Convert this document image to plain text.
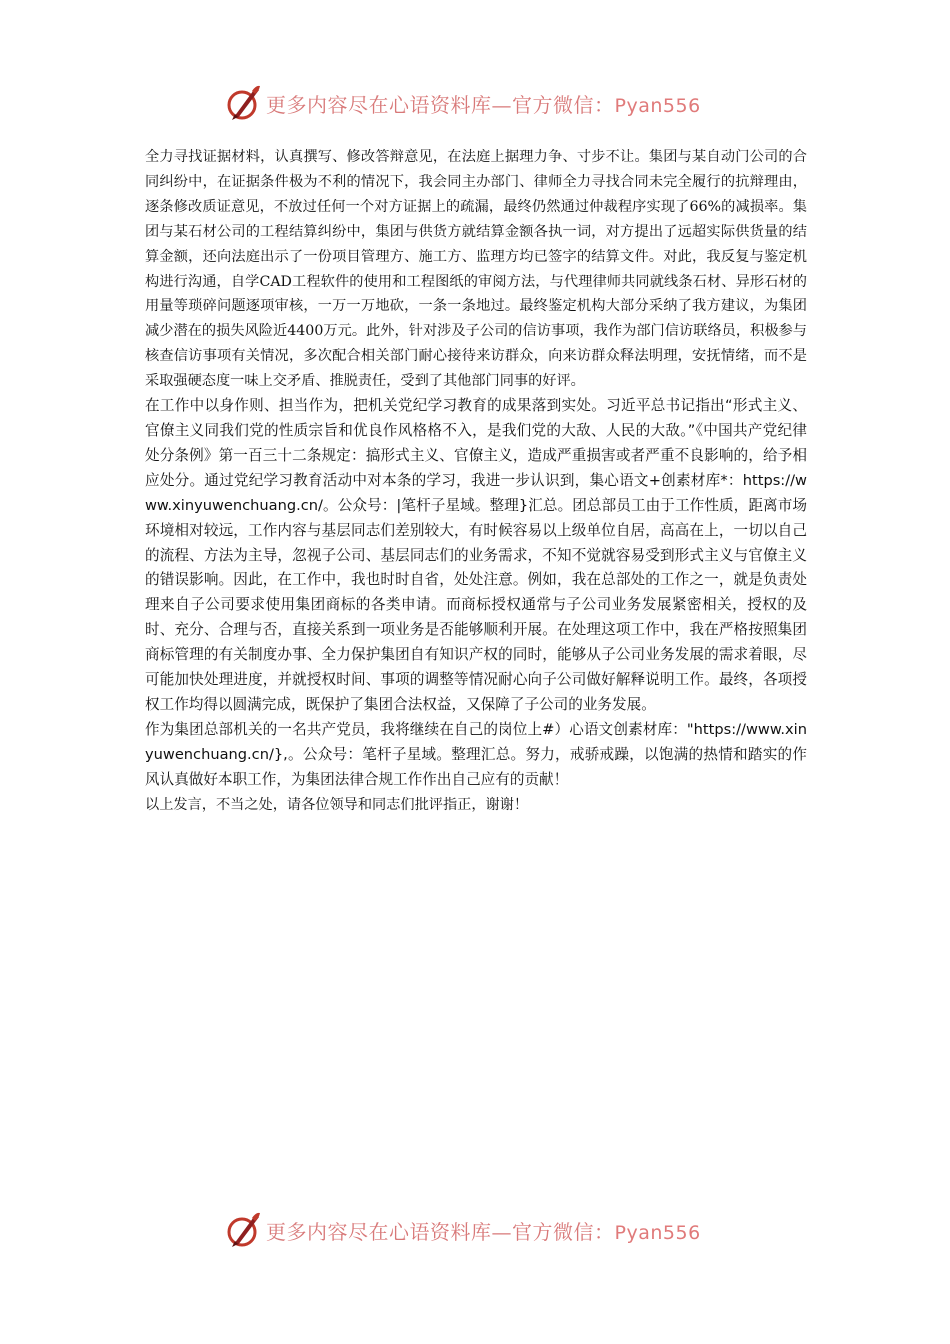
更多内容尽在心语资料库—官方微信：Pyan556

全力寻找证据材料，认真撰写、修改答辩意见，在法庭上据理力争、寸步不让。集团与某自动门公司的合同纠纷中，在证据条件极为不利的情况下，我会同主办部门、律师全力寻找合同未完全履行的抗辩理由，逐条修改质证意见，不放过任何一个对方证据上的疏漏，最终仍然通过仲裁程序实现了66%的减损率。集团与某石材公司的工程结算纠纷中，集团与供货方就结算金额各执一词，对方提出了远超实际供货量的结算金额，还向法庭出示了一份项目管理方、施工方、监理方均已签字的结算文件。对此，我反复与鉴定机构进行沟通，自学CAD工程软件的使用和工程图纸的审阅方法，与代理律师共同就线条石材、异形石材的用量等琐碎问题逐项审核，一万一万地砍，一条一条地过。最终鉴定机构大部分采纳了我方建议，为集团减少潜在的损失风险近4400万元。此外，针对涉及子公司的信访事项，我作为部门信访联络员，积极参与核查信访事项有关情况，多次配合相关部门耐心接待来访群众，向来访群众释法明理，安抚情绪，而不是采取强硬态度一味上交矛盾、推脱责任，受到了其他部门同事的好评。

在工作中以身作则、担当作为，把机关党纪学习教育的成果落到实处。习近平总书记指出“形式主义、官僚主义同我们党的性质宗旨和优良作风格格不入，是我们党的大敌、人民的大敌。”《中国共产党纪律处分条例》第一百三十二条规定：搞形式主义、官僚主义，造成严重损害或者严重不良影响的，给予相应处分。通过党纪学习教育活动中对本条的学习，我进一步认识到，集心语文+创素材库*：https://www.xinyuwenchuang.cn/。公众号：|笔杆子星域。整理}汇总。团总部员工由于工作性质，距离市场环境相对较远，工作内容与基层同志们差别较大，有时候容易以上级单位自居，高高在上，一切以自己的流程、方法为主导，忽视子公司、基层同志们的业务需求，不知不觉就容易受到形式主义与官僚主义的错误影响。因此，在工作中，我也时时自省，处处注意。例如，我在总部处的工作之一，就是负责处理来自子公司要求使用集团商标的各类申请。而商标授权通常与子公司业务发展紧密相关，授权的及时、充分、合理与否，直接关系到一项业务是否能够顺利开展。在处理这项工作中，我在严格按照集团商标管理的有关制度办事、全力保护集团自有知识产权的同时，能够从子公司业务发展的需求着眼，尽可能加快处理进度，并就授权时间、事项的调整等情况耐心向子公司做好解释说明工作。最终，各项授权工作均得以圆满完成，既保护了集团合法权益，又保障了子公司的业务发展。

作为集团总部机关的一名共产党员，我将继续在自己的岗位上#）心语文创素材库："https://www.xinyuwenchuang.cn/},。公众号：笔杆子星域。整理汇总。努力，戒骄戒躁，以饱满的热情和踏实的作风认真做好本职工作，为集团法律合规工作作出自己应有的贡献！

以上发言，不当之处，请各位领导和同志们批评指正，谢谢！

更多内容尽在心语资料库—官方微信：Pyan556
